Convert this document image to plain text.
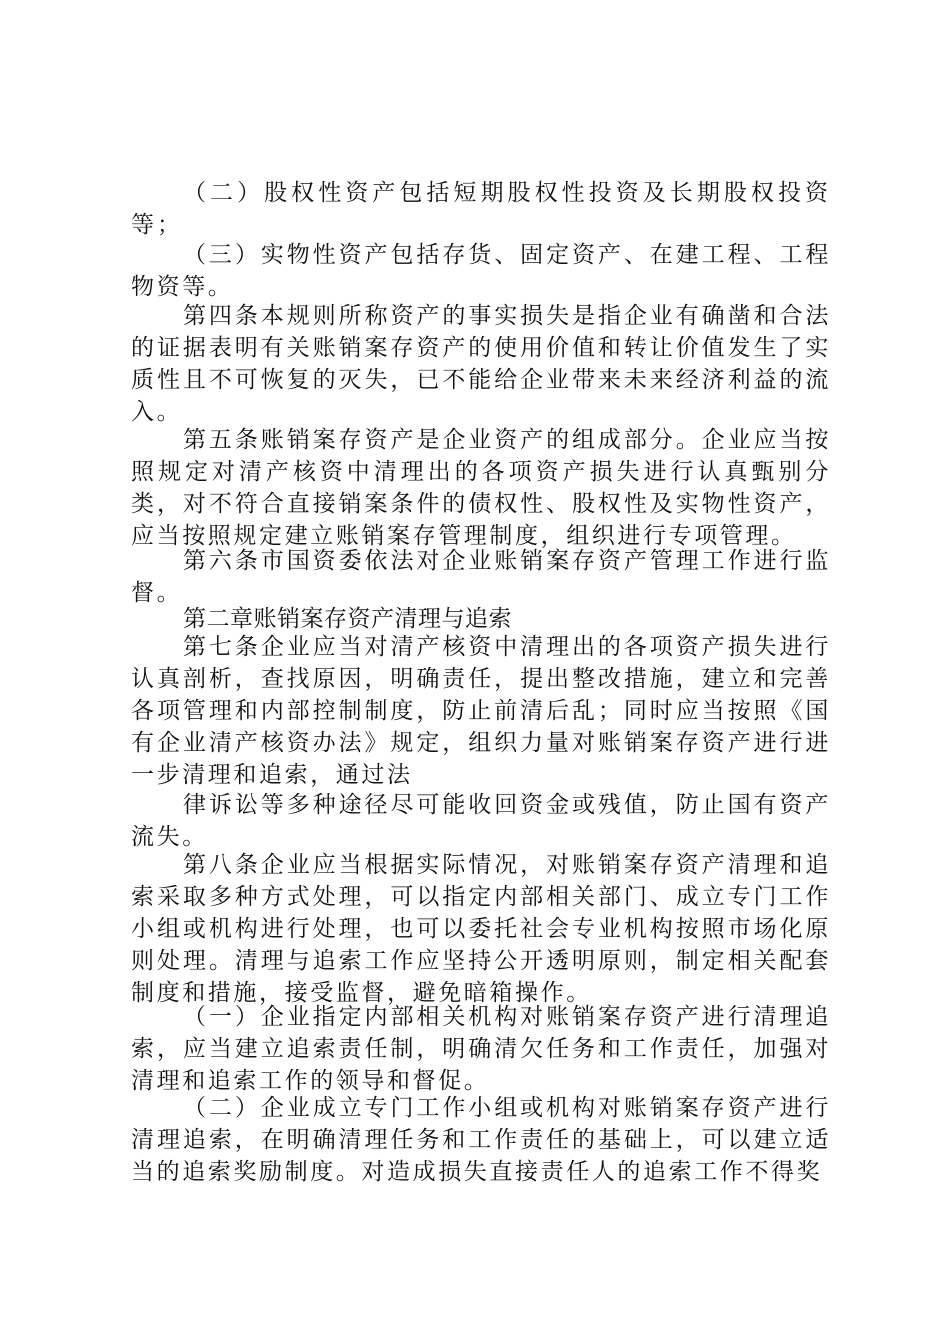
（二）股权性资产包括短期股权性投资及长期股权投资等；

（三）实物性资产包括存货、固定资产、在建工程、工程物资等。

第四条本规则所称资产的事实损失是指企业有确凿和合法的证据表明有关账销案存资产的使用价值和转让价值发生了实质性且不可恢复的灭失，已不能给企业带来未来经济利益的流入。

第五条账销案存资产是企业资产的组成部分。企业应当按照规定对清产核资中清理出的各项资产损失进行认真甄别分类，对不符合直接销案条件的债权性、股权性及实物性资产，应当按照规定建立账销案存管理制度，组织进行专项管理。

第六条市国资委依法对企业账销案存资产管理工作进行监督。

第二章账销案存资产清理与追索

第七条企业应当对清产核资中清理出的各项资产损失进行认真剖析，查找原因，明确责任，提出整改措施，建立和完善各项管理和内部控制制度，防止前清后乱；同时应当按照《国有企业清产核资办法》规定，组织力量对账销案存资产进行进一步清理和追索，通过法

律诉讼等多种途径尽可能收回资金或残值，防止国有资产流失。

第八条企业应当根据实际情况，对账销案存资产清理和追索采取多种方式处理，可以指定内部相关部门、成立专门工作小组或机构进行处理，也可以委托社会专业机构按照市场化原则处理。清理与追索工作应坚持公开透明原则，制定相关配套制度和措施，接受监督，避免暗箱操作。

（一）企业指定内部相关机构对账销案存资产进行清理追索，应当建立追索责任制，明确清欠任务和工作责任，加强对清理和追索工作的领导和督促。

（二）企业成立专门工作小组或机构对账销案存资产进行清理追索，在明确清理任务和工作责任的基础上，可以建立适当的追索奖励制度。对造成损失直接责任人的追索工作不得奖
